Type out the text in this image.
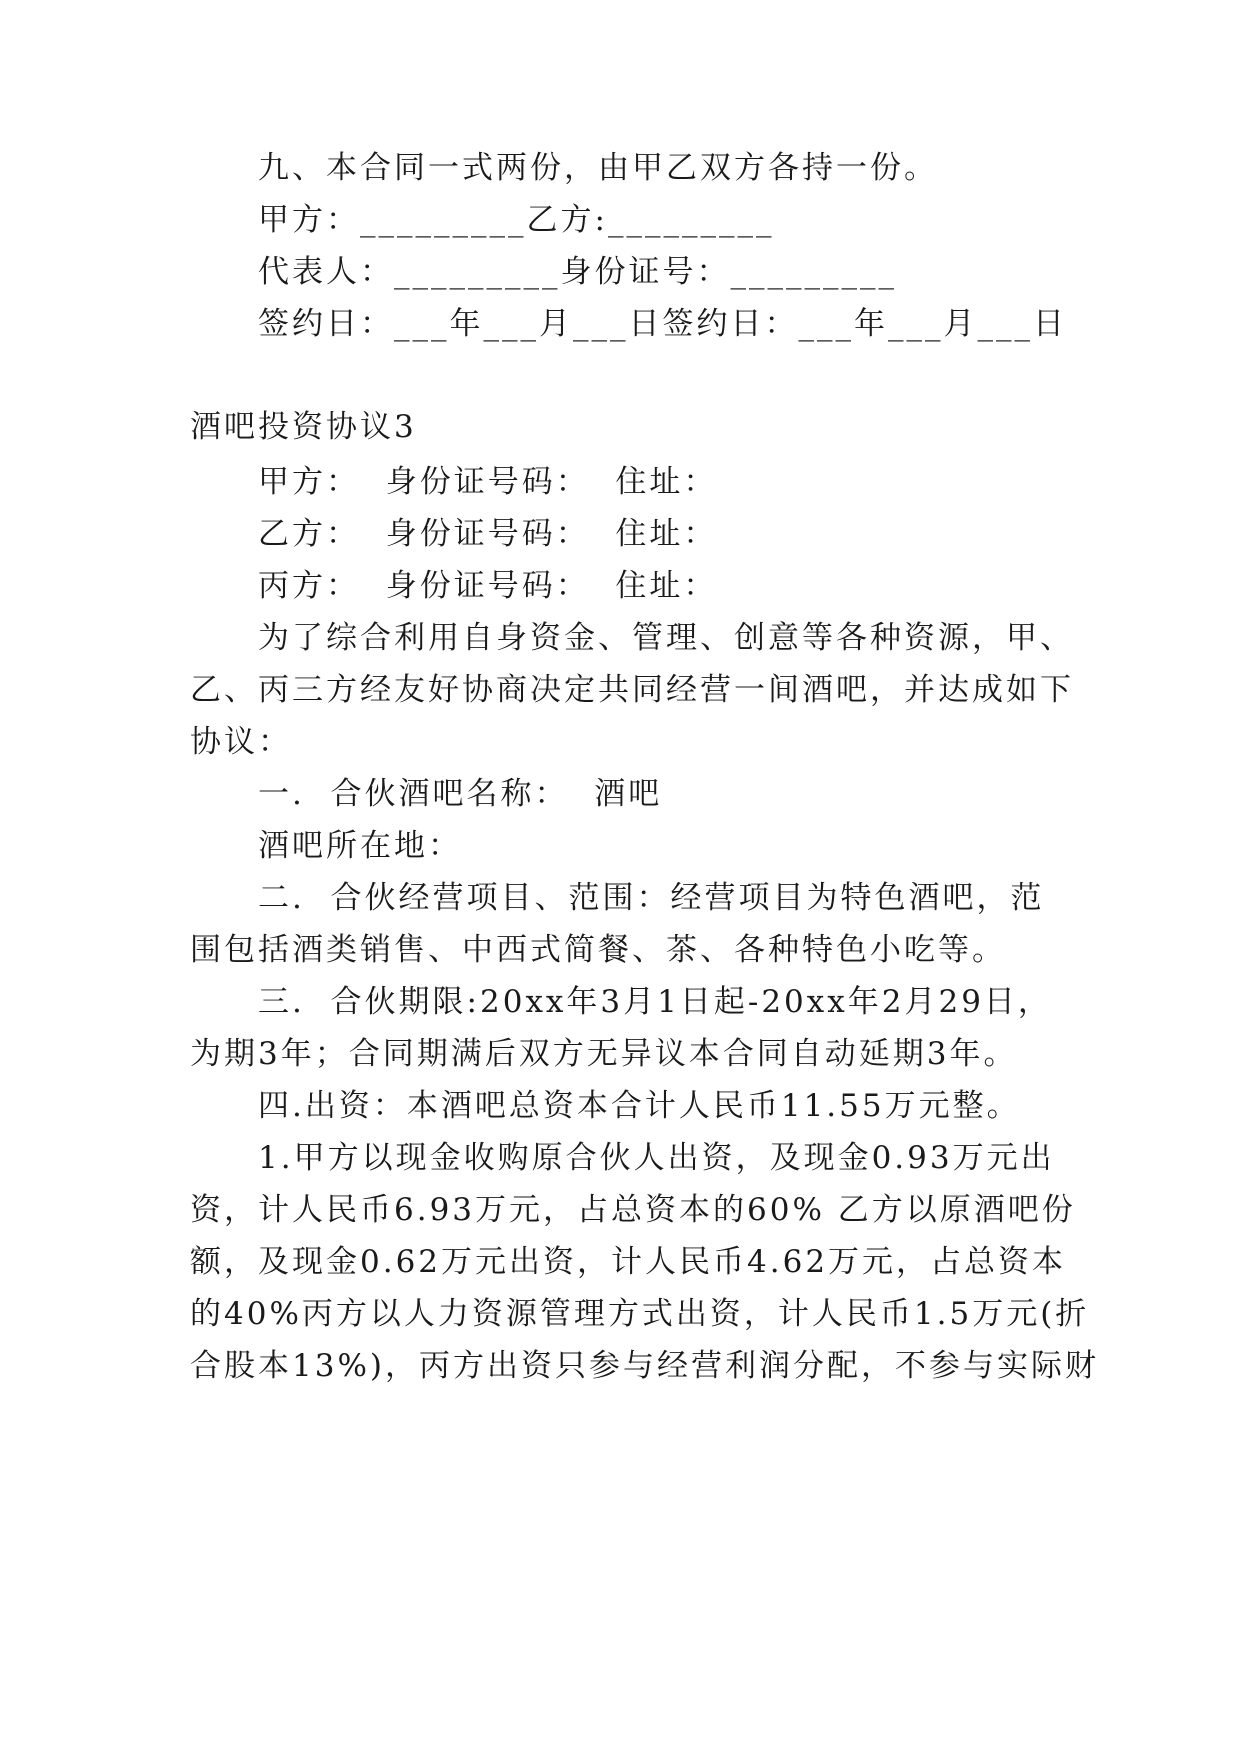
九、本合同一式两份，由甲乙双方各持一份。
甲方：_________乙方:_________
代表人：_________身份证号：_________
签约日：___年___月___日签约日：___年___月___日
酒吧投资协议3
甲方：  身份证号码：  住址：
乙方：  身份证号码：  住址：
丙方：  身份证号码：  住址：
为了综合利用自身资金、管理、创意等各种资源，甲、
乙、丙三方经友好协商决定共同经营一间酒吧，并达成如下
协议：
一.  合伙酒吧名称：  酒吧
酒吧所在地：
二.  合伙经营项目、范围：经营项目为特色酒吧，范
围包括酒类销售、中西式简餐、茶、各种特色小吃等。
三.  合伙期限:20xx年3月1日起-20xx年2月29日，
为期3年；合同期满后双方无异议本合同自动延期3年。
四.出资：本酒吧总资本合计人民币11.55万元整。
1.甲方以现金收购原合伙人出资，及现金0.93万元出
资，计人民币6.93万元，占总资本的60% 乙方以原酒吧份
额，及现金0.62万元出资，计人民币4.62万元，占总资本
的40%丙方以人力资源管理方式出资，计人民币1.5万元(折
合股本13%)，丙方出资只参与经营利润分配，不参与实际财
